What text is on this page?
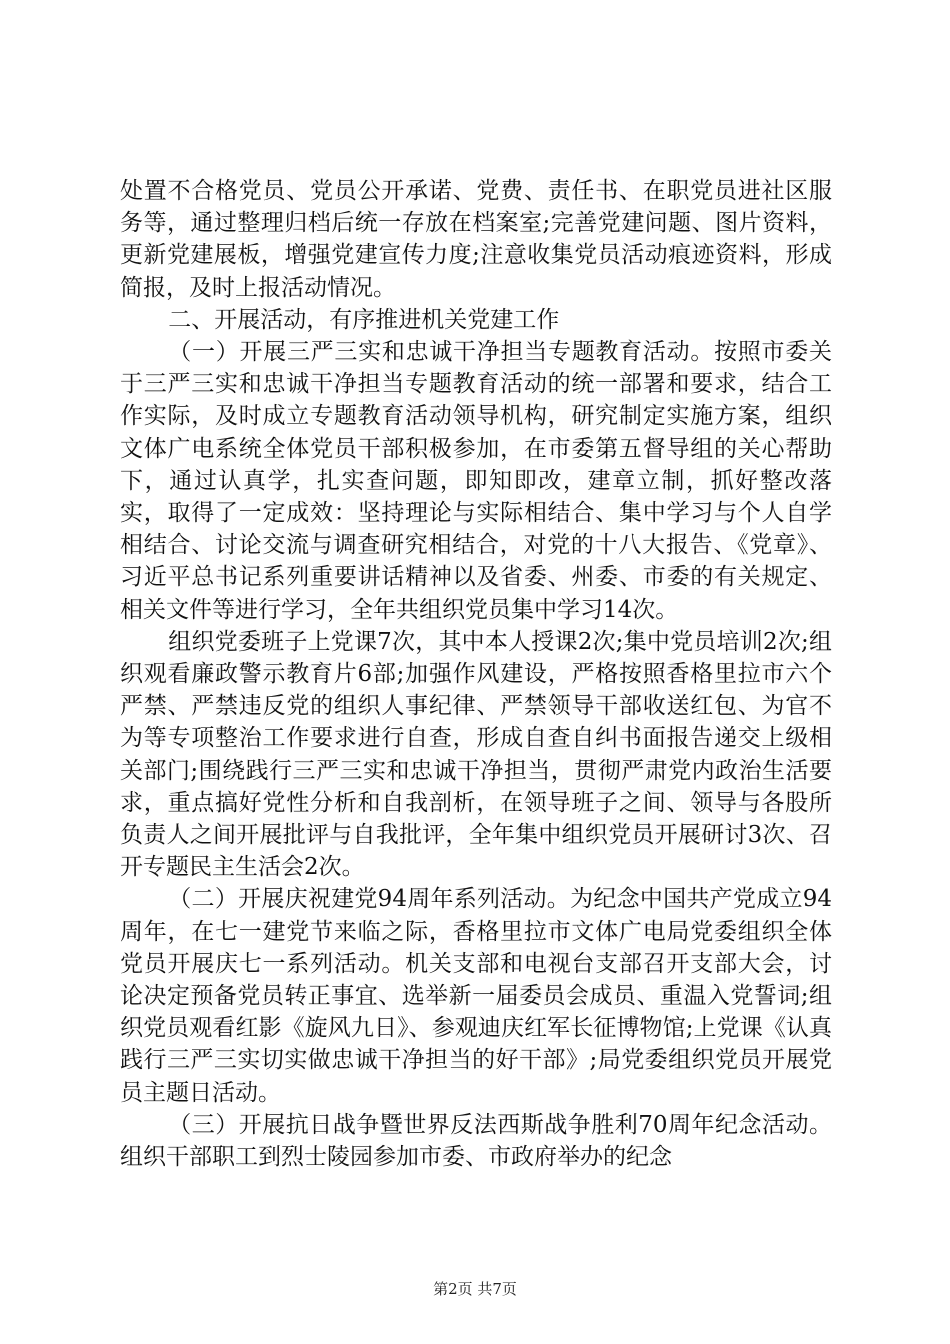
处置不合格党员、党员公开承诺、党费、责任书、在职党员进社区服务等，通过整理归档后统一存放在档案室;完善党建问题、图片资料，更新党建展板，增强党建宣传力度;注意收集党员活动痕迹资料，形成简报，及时上报活动情况。

二、开展活动，有序推进机关党建工作

（一）开展三严三实和忠诚干净担当专题教育活动。按照市委关于三严三实和忠诚干净担当专题教育活动的统一部署和要求，结合工作实际，及时成立专题教育活动领导机构，研究制定实施方案，组织文体广电系统全体党员干部积极参加，在市委第五督导组的关心帮助下，通过认真学，扎实查问题，即知即改，建章立制，抓好整改落实，取得了一定成效：坚持理论与实际相结合、集中学习与个人自学相结合、讨论交流与调查研究相结合，对党的十八大报告、《党章》、习近平总书记系列重要讲话精神以及省委、州委、市委的有关规定、相关文件等进行学习，全年共组织党员集中学习14次。

组织党委班子上党课7次，其中本人授课2次;集中党员培训2次;组织观看廉政警示教育片6部;加强作风建设，严格按照香格里拉市六个严禁、严禁违反党的组织人事纪律、严禁领导干部收送红包、为官不为等专项整治工作要求进行自查，形成自查自纠书面报告递交上级相关部门;围绕践行三严三实和忠诚干净担当，贯彻严肃党内政治生活要求，重点搞好党性分析和自我剖析，在领导班子之间、领导与各股所负责人之间开展批评与自我批评，全年集中组织党员开展研讨3次、召开专题民主生活会2次。

（二）开展庆祝建党94周年系列活动。为纪念中国共产党成立94周年，在七一建党节来临之际，香格里拉市文体广电局党委组织全体党员开展庆七一系列活动。机关支部和电视台支部召开支部大会，讨论决定预备党员转正事宜、选举新一届委员会成员、重温入党誓词;组织党员观看红影《旋风九日》、参观迪庆红军长征博物馆;上党课《认真践行三严三实切实做忠诚干净担当的好干部》;局党委组织党员开展党员主题日活动。

（三）开展抗日战争暨世界反法西斯战争胜利70周年纪念活动。组织干部职工到烈士陵园参加市委、市政府举办的纪念

第2页 共7页
